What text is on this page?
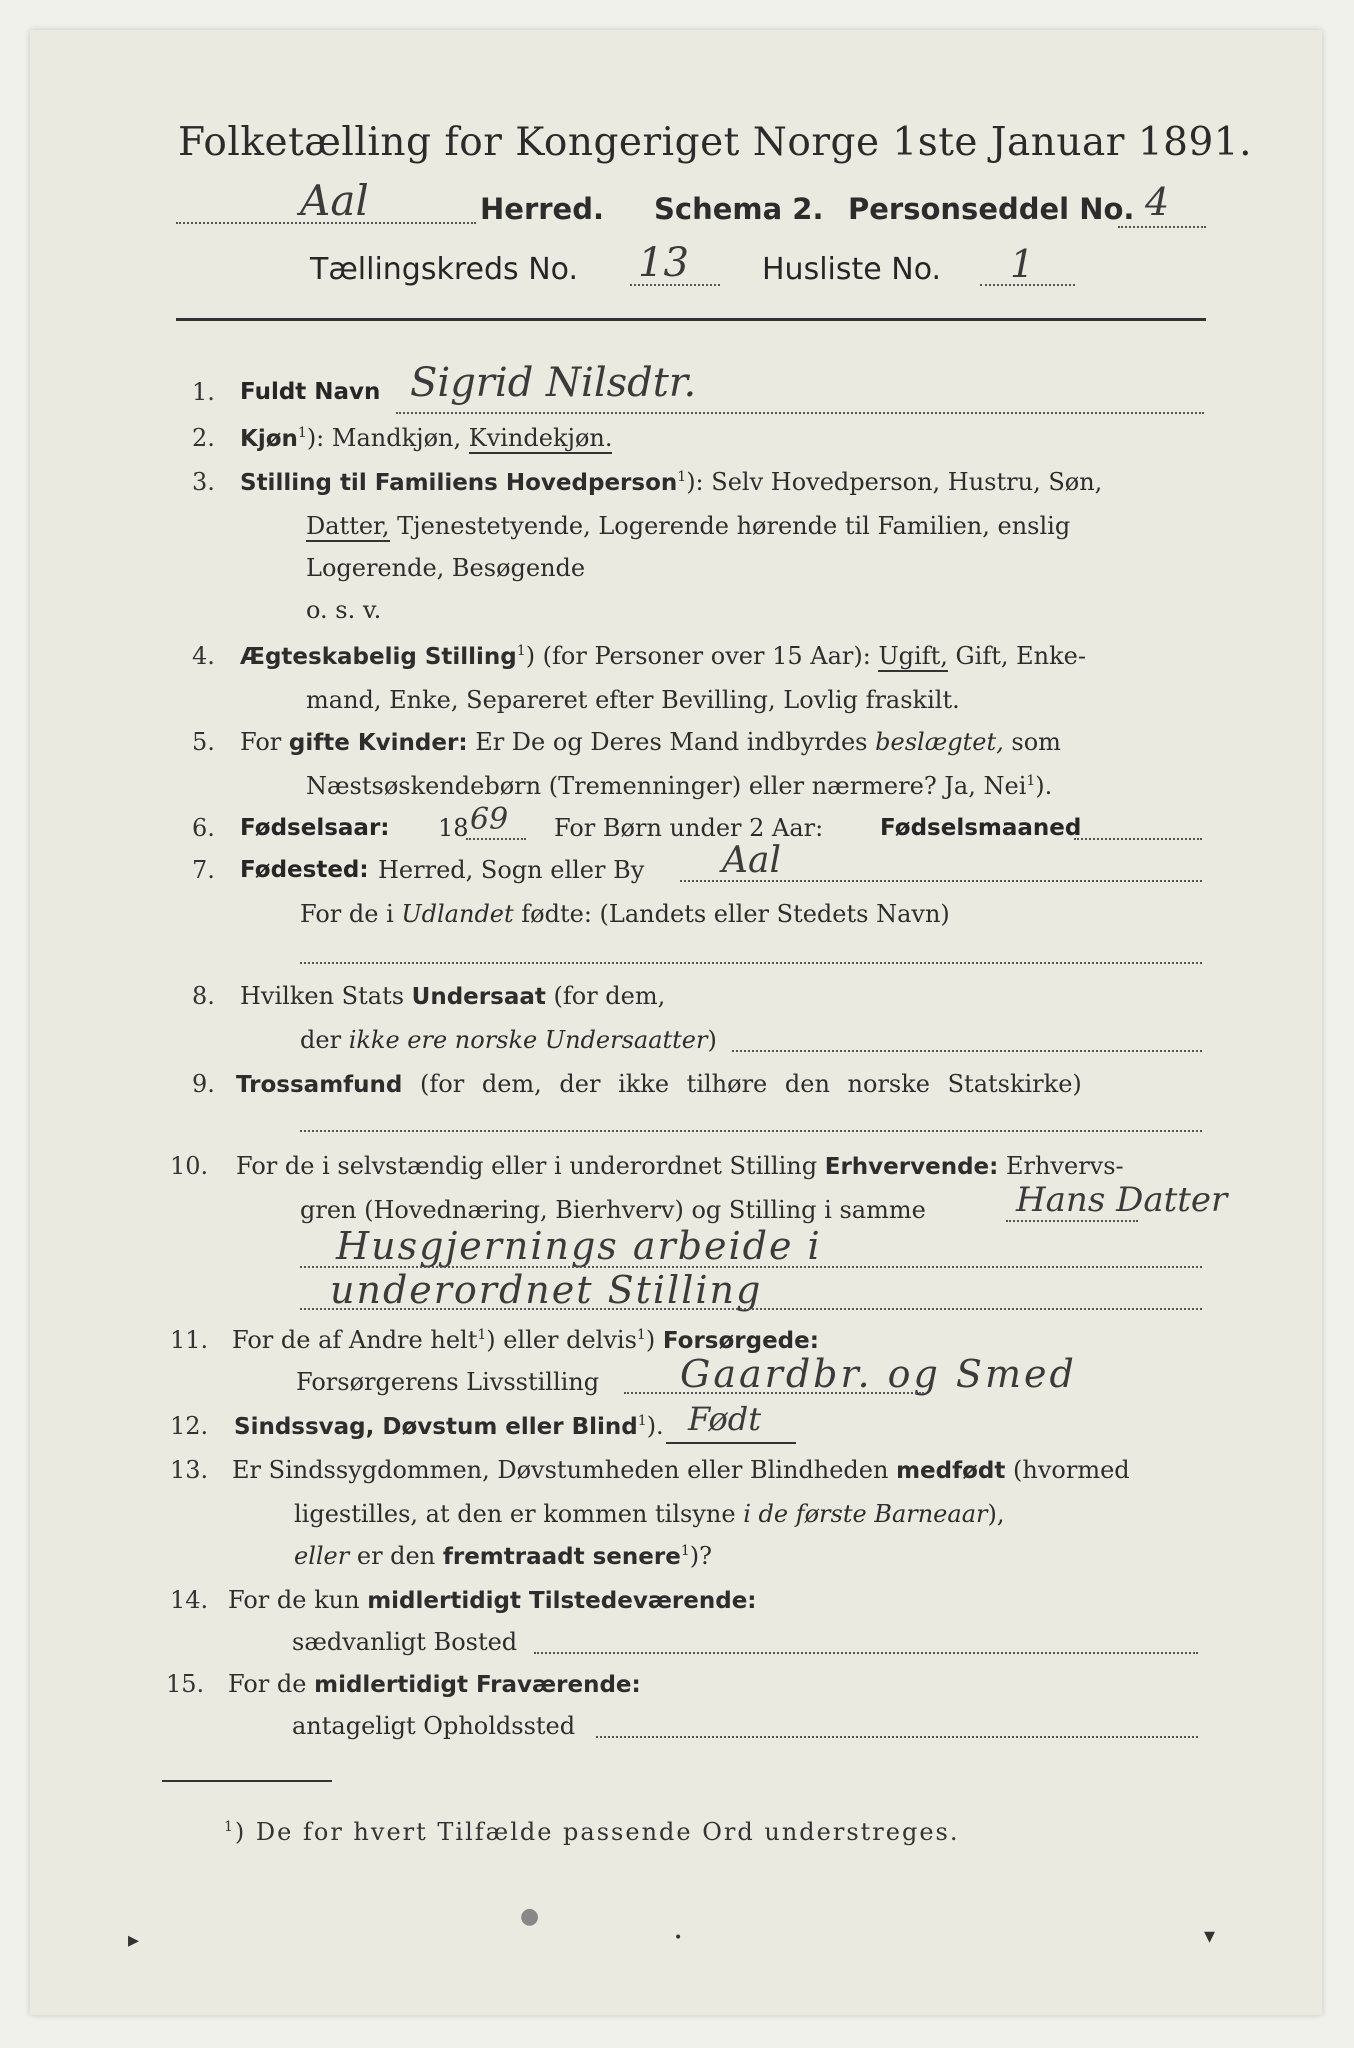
Folketælling for Kongeriget Norge 1ste Januar 1891.
Aal	Herred. Schema 2. Personseddel No. 4
Tællingskreds No. 13 Husliste No. 1
1. Fuldt Navn Sigrid Nilsdtr.
2. Kjøn$^1$): Mandkjøn, Kvindekjøn.
3. Stilling til Familiens Hovedperson$^1$): Selv Hovedperson, Hustru, Søn,
Datter, Tjenestetyende, Logerende hørende til Familien, enslig
Logerende, Besøgende
o. s. v.
4. Ægteskabelig Stilling$^1$) (for Personer over 15 Aar): Ugift, Gift, Enke-
mand, Enke, Separeret efter Bevilling, Lovlig fraskilt.
5. For gifte Kvinder: Er De og Deres Mand indbyrdes beslægtet, som
Næstsøskendebørn (Tremenninger) eller nærmere? Ja, Nei$^1$).
6. Fødselsaar: 18 69 For Børn under 2 Aar: Fødselsmaaned
7. Fødested: Herred, Sogn eller By Aal
For de i Udlandet fødte: (Landets eller Stedets Navn)
8. Hvilken Stats Undersaat (for dem,
der ikke ere norske Undersaatter)
9. Trossamfund (for dem, der ikke tilhøre den norske Statskirke)
10. For de i selvstændig eller i underordnet Stilling Erhvervende: Erhvervs-
gren (Hovednæring, Bierhverv) og Stilling i samme	Hans Datter
Husgjernings arbeide i
underordnet Stilling
11. For de af Andre helt$^1$) eller delvis$^1$) Forsørgede:
Forsørgerens Livsstilling Gaardbr. og Smed
12. Sindssvag, Døvstum eller Blind$^1$). Født
13. Er Sindssygdommen, Døvstumheden eller Blindheden medfødt (hvormed
ligestilles, at den er kommen tilsyne i de første Barneaar),
eller er den fremtraadt senere$^1$)?
14. For de kun midlertidigt Tilstedeværende:
sædvanligt Bosted
15. For de midlertidigt Fraværende:
antageligt Opholdssted
$^1$) De for hvert Tilfælde passende Ord understreges.
▸
●
•	▾
